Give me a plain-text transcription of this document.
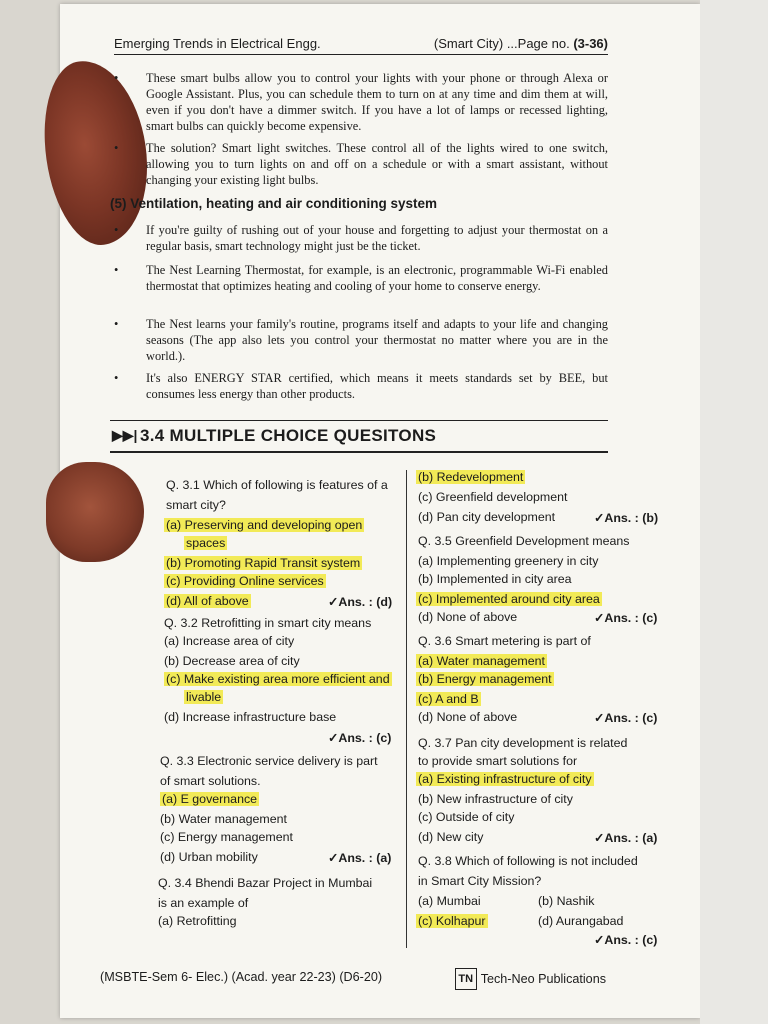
Emerging Trends in Electrical Engg.	(Smart City) ...Page no. (3-36)
• These smart bulbs allow you to control your lights with your phone or through Alexa or Google Assistant. Plus, you can schedule them to turn on at any time and dim them at will, even if you don't have a dimmer switch. If you have a lot of lamps or recessed lighting, smart bulbs can quickly become expensive.
• The solution? Smart light switches. These control all of the lights wired to one switch, allowing you to turn lights on and off on a schedule or with a smart assistant, without changing your existing light bulbs.
(5) Ventilation, heating and air conditioning system
• If you're guilty of rushing out of your house and forgetting to adjust your thermostat on a regular basis, smart technology might just be the ticket.
• The Nest Learning Thermostat, for example, is an electronic, programmable Wi-Fi enabled thermostat that optimizes heating and cooling of your home to conserve energy.
• The Nest learns your family's routine, programs itself and adapts to your life and changing seasons (The app also lets you control your thermostat no matter where you are in the world.).
• It's also ENERGY STAR certified, which means it meets standards set by BEE, but consumes less energy than other products.
▶▶| 3.4 MULTIPLE CHOICE QUESITONS
Q. 3.1 Which of following is features of a
smart city?
(a) Preserving and developing open
spaces
(b) Promoting Rapid Transit system
(c) Providing Online services
(d) All of above	✓Ans. : (d)
Q. 3.2 Retrofitting in smart city means
(a) Increase area of city
(b) Decrease area of city
(c) Make existing area more efficient and
livable
(d) Increase infrastructure base
✓Ans. : (c)
Q. 3.3 Electronic service delivery is part
of smart solutions.
(a) E governance
(b) Water management
(c) Energy management
(d) Urban mobility	✓Ans. : (a)
Q. 3.4 Bhendi Bazar Project in Mumbai
is an example of
(a) Retrofitting
(b) Redevelopment
(c) Greenfield development
(d) Pan city development	✓Ans. : (b)
Q. 3.5 Greenfield Development means
(a) Implementing greenery in city
(b) Implemented in city area
(c) Implemented around city area
(d) None of above	✓Ans. : (c)
Q. 3.6 Smart metering is part of
(a) Water management
(b) Energy management
(c) A and B
(d) None of above	✓Ans. : (c)
Q. 3.7 Pan city development is related
to provide smart solutions for
(a) Existing infrastructure of city
(b) New infrastructure of city
(c) Outside of city
(d) New city	✓Ans. : (a)
Q. 3.8 Which of following is not included
in Smart City Mission?
(a) Mumbai	(b) Nashik
(c) Kolhapur	(d) Aurangabad
✓Ans. : (c)
(MSBTE-Sem 6- Elec.) (Acad. year 22-23) (D6-20)	TN Tech-Neo Publications
